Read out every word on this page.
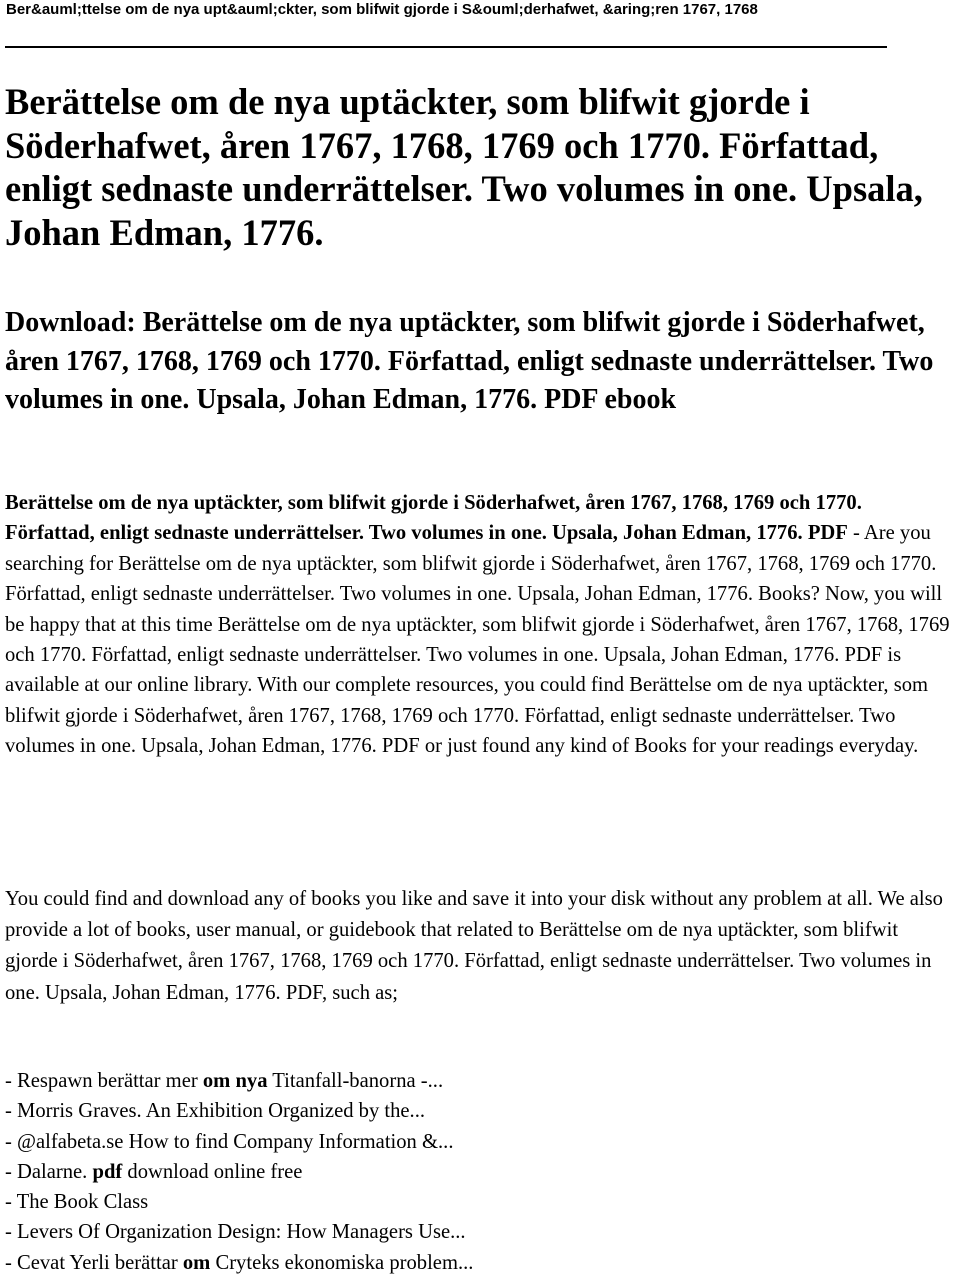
Ber&auml;ttelse om de nya upt&auml;ckter, som blifwit gjorde i S&ouml;derhafwet, &aring;ren 1767, 1768
Berättelse om de nya uptäckter, som blifwit gjorde i Söderhafwet, åren 1767, 1768, 1769 och 1770. Författad, enligt sednaste underrättelser. Two volumes in one. Upsala, Johan Edman, 1776.
Download: Berättelse om de nya uptäckter, som blifwit gjorde i Söderhafwet, åren 1767, 1768, 1769 och 1770. Författad, enligt sednaste underrättelser. Two volumes in one. Upsala, Johan Edman, 1776. PDF ebook

Berättelse om de nya uptäckter, som blifwit gjorde i Söderhafwet, åren 1767, 1768, 1769 och 1770. Författad, enligt sednaste underrättelser. Two volumes in one. Upsala, Johan Edman, 1776. PDF - Are you searching for Berättelse om de nya uptäckter, som blifwit gjorde i Söderhafwet, åren 1767, 1768, 1769 och 1770. Författad, enligt sednaste underrättelser. Two volumes in one. Upsala, Johan Edman, 1776. Books? Now, you will be happy that at this time Berättelse om de nya uptäckter, som blifwit gjorde i Söderhafwet, åren 1767, 1768, 1769 och 1770. Författad, enligt sednaste underrättelser. Two volumes in one. Upsala, Johan Edman, 1776. PDF is available at our online library. With our complete resources, you could find Berättelse om de nya uptäckter, som blifwit gjorde i Söderhafwet, åren 1767, 1768, 1769 och 1770. Författad, enligt sednaste underrättelser. Two volumes in one. Upsala, Johan Edman, 1776. PDF or just found any kind of Books for your readings everyday.

You could find and download any of books you like and save it into your disk without any problem at all. We also provide a lot of books, user manual, or guidebook that related to Berättelse om de nya uptäckter, som blifwit gjorde i Söderhafwet, åren 1767, 1768, 1769 och 1770. Författad, enligt sednaste underrättelser. Two volumes in one. Upsala, Johan Edman, 1776. PDF, such as;

- Respawn berättar mer om nya Titanfall-banorna -...
- Morris Graves. An Exhibition Organized by the...
- @alfabeta.se How to find Company Information &...
- Dalarne. pdf download online free
- The Book Class
- Levers Of Organization Design: How Managers Use...
- Cevat Yerli berättar om Cryteks ekonomiska problem...
